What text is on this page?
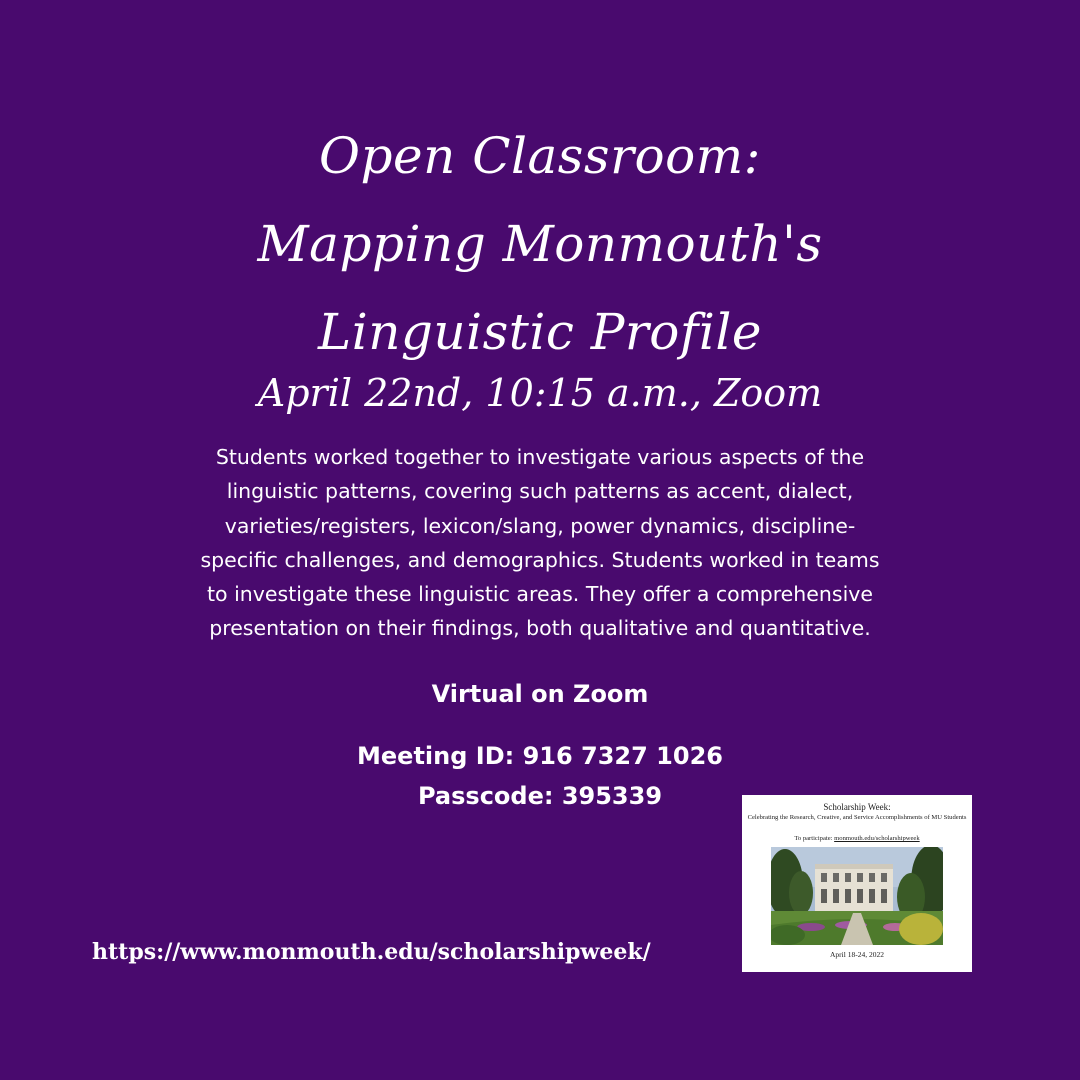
Open Classroom:
Mapping Monmouth's
Linguistic Profile
April 22nd, 10:15 a.m., Zoom
Students worked together to investigate various aspects of the
linguistic patterns, covering such patterns as accent, dialect,
varieties/registers, lexicon/slang, power dynamics, discipline-
specific challenges, and demographics. Students worked in teams
to investigate these linguistic areas. They offer a comprehensive
presentation on their findings, both qualitative and quantitative.
Virtual on Zoom
Meeting ID: 916 7327 1026
Passcode: 395339
https://www.monmouth.edu/scholarshipweek/
Scholarship Week:
Celebrating the Research, Creative, and Service Accomplishments of MU Students
To participate: monmouth.edu/scholarshipweek
April 18-24, 2022
